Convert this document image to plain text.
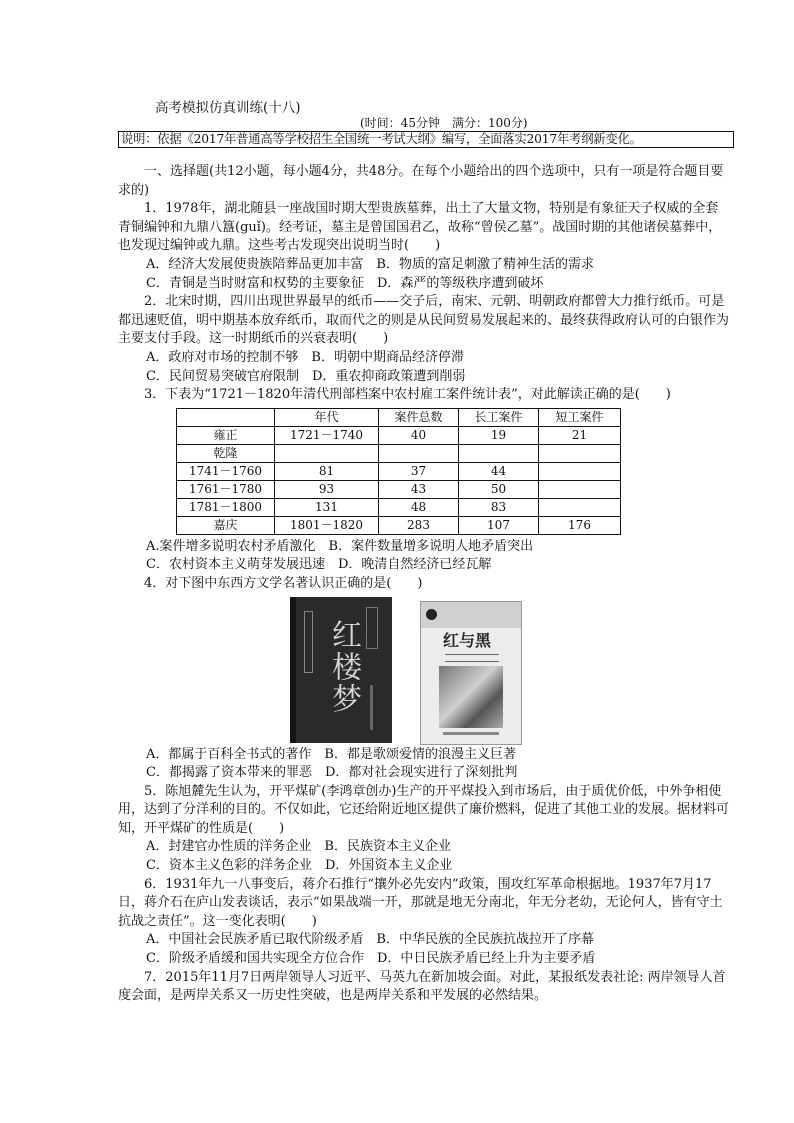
高考模拟仿真训练(十八)
(时间：45分钟　满分：100分)
说明：依据《2017年普通高等学校招生全国统一考试大纲》编写，全面落实2017年考纲新变化。

一、选择题(共12小题，每小题4分，共48分。在每个小题给出的四个选项中，只有一项是符合题目要求的)

1．1978年，湖北随县一座战国时期大型贵族墓葬，出土了大量文物，特别是有象征天子权威的全套青铜编钟和九鼎八簋(guǐ)。经考证，墓主是曾国国君乙，故称“曾侯乙墓”。战国时期的其他诸侯墓葬中，也发现过编钟或九鼎。这些考古发现突出说明当时(　　)

A．经济大发展使贵族陪葬品更加丰富　B．物质的富足刺激了精神生活的需求

C．青铜是当时财富和权势的主要象征　D．森严的等级秩序遭到破坏

2．北宋时期，四川出现世界最早的纸币——交子后，南宋、元朝、明朝政府都曾大力推行纸币。可是都迅速贬值，明中期基本放弃纸币，取而代之的则是从民间贸易发展起来的、最终获得政府认可的白银作为主要支付手段。这一时期纸币的兴衰表明(　　)

A．政府对市场的控制不够　B．明朝中期商品经济停滞

C．民间贸易突破官府限制　D．重农抑商政策遭到削弱

3．下表为“1721－1820年清代刑部档案中农村雇工案件统计表”，对此解读正确的是(　　)

	年代	案件总数	长工案件	短工案件
雍正	1721－1740	40	19	21
乾隆				
1741－1760	81	37	44	
1761－1780	93	43	50	
1781－1800	131	48	83	
嘉庆	1801－1820	283	107	176

A.案件增多说明农村矛盾激化　B．案件数量增多说明人地矛盾突出

C．农村资本主义萌芽发展迅速　D．晚清自然经济已经瓦解

4．对下图中东西方文学名著认识正确的是(　　)

红楼梦	红与黑

A．都属于百科全书式的著作　B．都是歌颂爱情的浪漫主义巨著

C．都揭露了资本带来的罪恶　D．都对社会现实进行了深刻批判

5．陈旭麓先生认为，开平煤矿(李鸿章创办)生产的开平煤投入到市场后，由于质优价低，中外争相使用，达到了分洋利的目的。不仅如此，它还给附近地区提供了廉价燃料，促进了其他工业的发展。据材料可知，开平煤矿的性质是(　　)

A．封建官办性质的洋务企业　B．民族资本主义企业

C．资本主义色彩的洋务企业　D．外国资本主义企业

6．1931年九一八事变后，蒋介石推行“攘外必先安内”政策，围攻红军革命根据地。1937年7月17日，蒋介石在庐山发表谈话，表示“如果战端一开，那就是地无分南北，年无分老幼，无论何人，皆有守土抗战之责任”。这一变化表明(　　)

A．中国社会民族矛盾已取代阶级矛盾　B．中华民族的全民族抗战拉开了序幕

C．阶级矛盾缓和国共实现全方位合作　D．中日民族矛盾已经上升为主要矛盾

7．2015年11月7日两岸领导人习近平、马英九在新加坡会面。对此，某报纸发表社论: 两岸领导人首度会面，是两岸关系又一历史性突破，也是两岸关系和平发展的必然结果。
